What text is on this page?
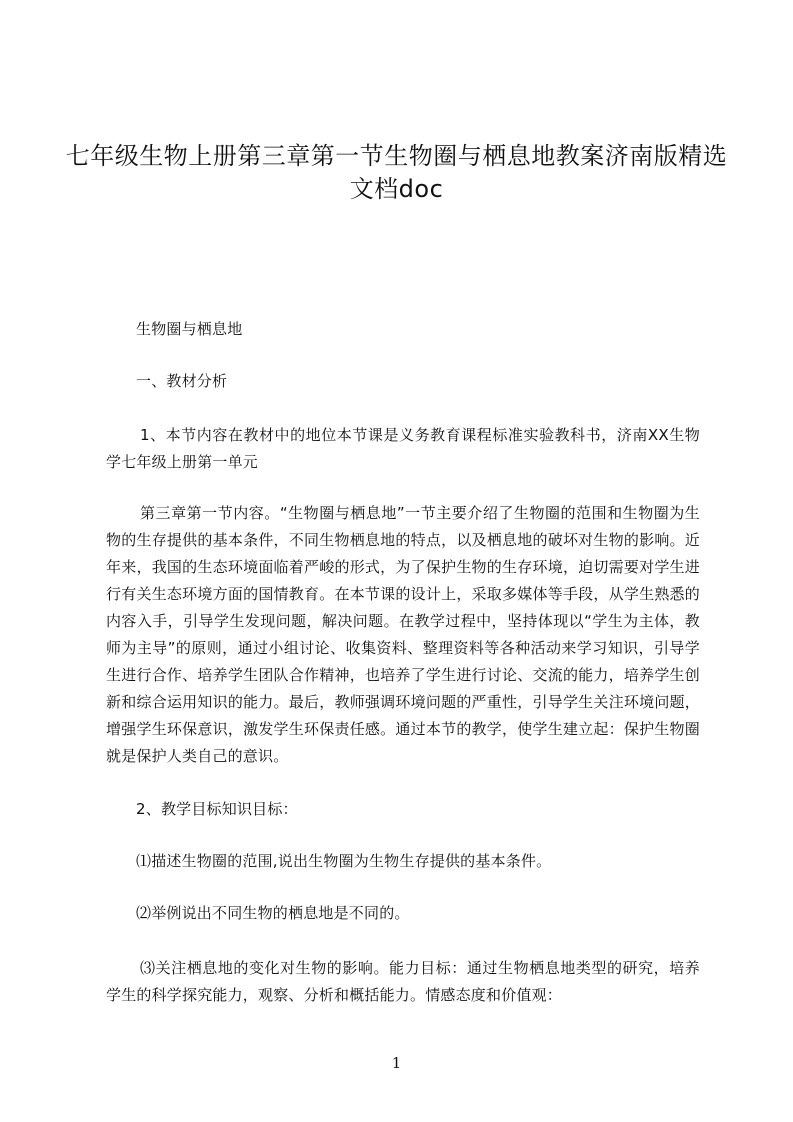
七年级生物上册第三章第一节生物圈与栖息地教案济南版精选文档doc

生物圈与栖息地

一、教材分析

1、本节内容在教材中的地位本节课是义务教育课程标准实验教科书，济南XX生物学七年级上册第一单元

第三章第一节内容。“生物圈与栖息地”一节主要介绍了生物圈的范围和生物圈为生物的生存提供的基本条件，不同生物栖息地的特点，以及栖息地的破坏对生物的影响。近年来，我国的生态环境面临着严峻的形式，为了保护生物的生存环境，迫切需要对学生进行有关生态环境方面的国情教育。在本节课的设计上，采取多媒体等手段，从学生熟悉的内容入手，引导学生发现问题，解决问题。在教学过程中，坚持体现以“学生为主体，教师为主导”的原则，通过小组讨论、收集资料、整理资料等各种活动来学习知识，引导学生进行合作、培养学生团队合作精神，也培养了学生进行讨论、交流的能力，培养学生创新和综合运用知识的能力。最后，教师强调环境问题的严重性，引导学生关注环境问题，增强学生环保意识，激发学生环保责任感。通过本节的教学，使学生建立起：保护生物圈就是保护人类自己的意识。

2、教学目标知识目标：

⑴描述生物圈的范围,说出生物圈为生物生存提供的基本条件。

⑵举例说出不同生物的栖息地是不同的。

⑶关注栖息地的变化对生物的影响。能力目标：通过生物栖息地类型的研究，培养学生的科学探究能力，观察、分析和概括能力。情感态度和价值观：

1
